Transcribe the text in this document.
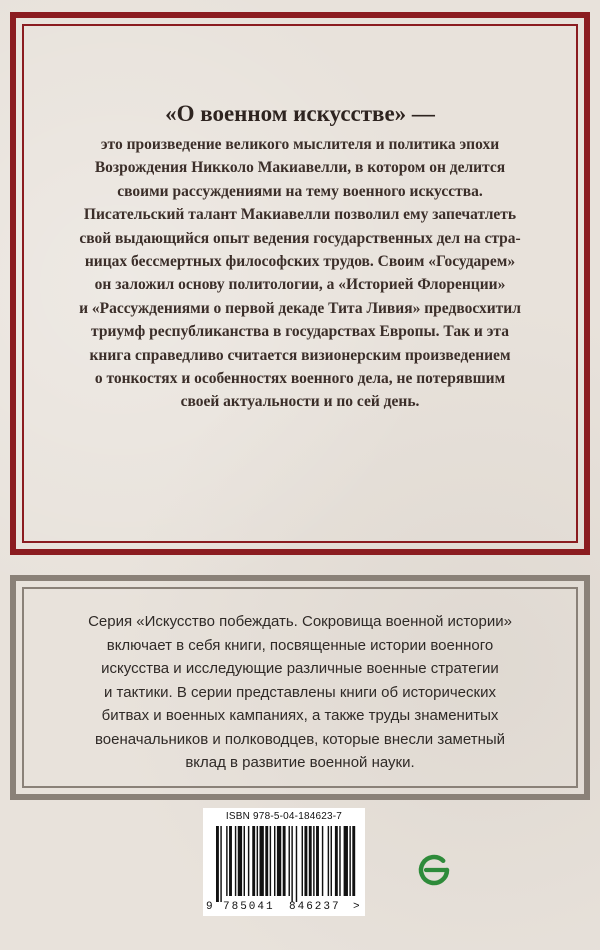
«О военном искусстве» —
это произведение великого мыслителя и политика эпохи
Возрождения Никколо Макиавелли, в котором он делится
своими рассуждениями на тему военного искусства.
Писательский талант Макиавелли позволил ему запечатлеть
свой выдающийся опыт ведения государственных дел на стра-
ницах бессмертных философских трудов. Своим «Государем»
он заложил основу политологии, а «Историей Флоренции»
и «Рассуждениями о первой декаде Тита Ливия» предвосхитил
триумф республиканства в государствах Европы. Так и эта
книга справедливо считается визионерским произведением
о тонкостях и особенностях военного дела, не потерявшим
своей актуальности и по сей день.
Серия «Искусство побеждать. Сокровища военной истории»
включает в себя книги, посвященные истории военного
искусства и исследующие различные военные стратегии
и тактики. В серии представлены книги об исторических
битвах и военных кампаниях, а также труды знаменитых
военачальников и полководцев, которые внесли заметный
вклад в развитие военной науки.
ISBN 978-5-04-184623-7
9 785041 846237 >
